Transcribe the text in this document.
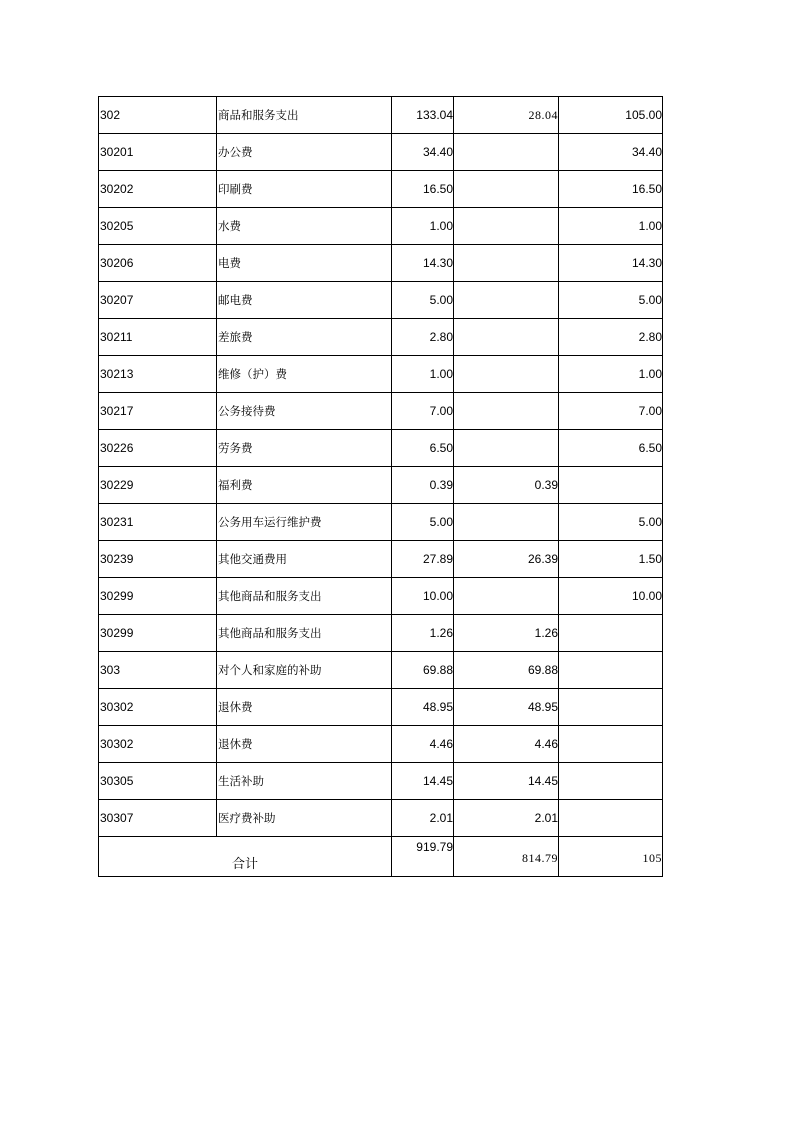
302	商品和服务支出	133.04	28.04	105.00
30201	办公费	34.40		34.40
30202	印刷费	16.50		16.50
30205	水费	1.00		1.00
30206	电费	14.30		14.30
30207	邮电费	5.00		5.00
30211	差旅费	2.80		2.80
30213	维修（护）费	1.00		1.00
30217	公务接待费	7.00		7.00
30226	劳务费	6.50		6.50
30229	福利费	0.39	0.39	
30231	公务用车运行维护费	5.00		5.00
30239	其他交通费用	27.89	26.39	1.50
30299	其他商品和服务支出	10.00		10.00
30299	其他商品和服务支出	1.26	1.26	
303	对个人和家庭的补助	69.88	69.88	
30302	退休费	48.95	48.95	
30302	退休费	4.46	4.46	
30305	生活补助	14.45	14.45	
30307	医疗费补助	2.01	2.01	
合计		919.79	814.79	105
